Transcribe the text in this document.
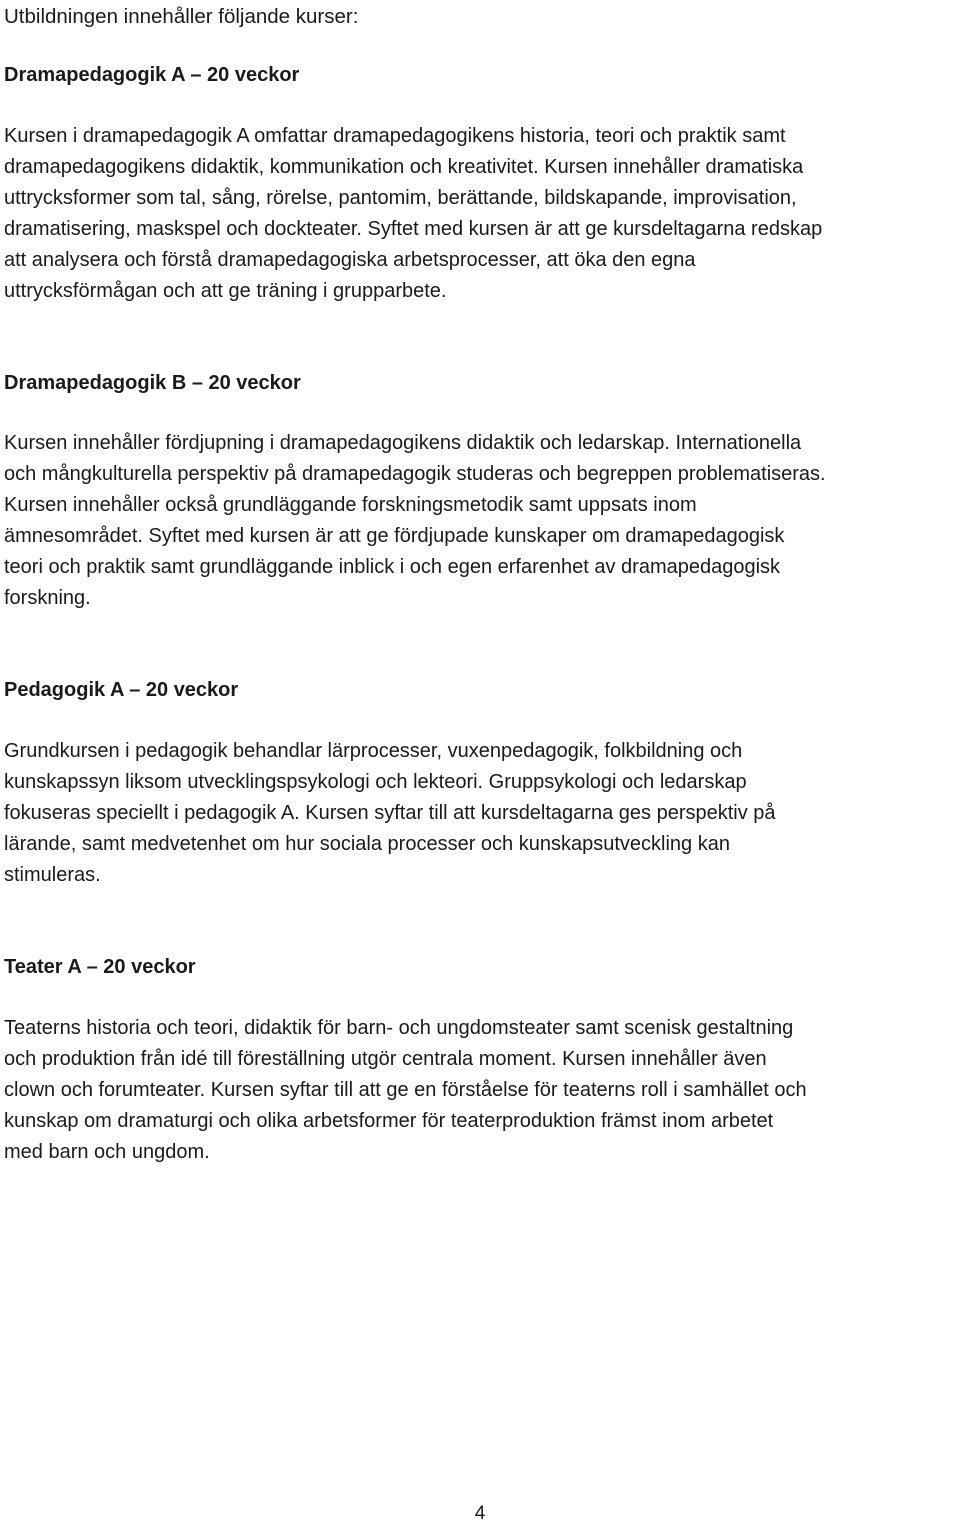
Utbildningen innehåller följande kurser:

Dramapedagogik A – 20 veckor
Kursen i dramapedagogik A omfattar dramapedagogikens historia, teori och praktik samt
dramapedagogikens didaktik, kommunikation och kreativitet. Kursen innehåller dramatiska
uttrycksformer som tal, sång, rörelse, pantomim, berättande, bildskapande, improvisation,
dramatisering, maskspel och dockteater. Syftet med kursen är att ge kursdeltagarna redskap
att analysera och förstå dramapedagogiska arbetsprocesser, att öka den egna
uttrycksförmågan och att ge träning i grupparbete.
Dramapedagogik B – 20 veckor
Kursen innehåller fördjupning i dramapedagogikens didaktik och ledarskap. Internationella
och mångkulturella perspektiv på dramapedagogik studeras och begreppen problematiseras.
Kursen innehåller också grundläggande forskningsmetodik samt uppsats inom
ämnesområdet. Syftet med kursen är att ge fördjupade kunskaper om dramapedagogisk
teori och praktik samt grundläggande inblick i och egen erfarenhet av dramapedagogisk
forskning.
Pedagogik A – 20 veckor
Grundkursen i pedagogik behandlar lärprocesser, vuxenpedagogik, folkbildning och
kunskapssyn liksom utvecklingspsykologi och lekteori. Gruppsykologi och ledarskap
fokuseras speciellt i pedagogik A. Kursen syftar till att kursdeltagarna ges perspektiv på
lärande, samt medvetenhet om hur sociala processer och kunskapsutveckling kan
stimuleras.
Teater A – 20 veckor
Teaterns historia och teori, didaktik för barn- och ungdomsteater samt scenisk gestaltning
och produktion från idé till föreställning utgör centrala moment. Kursen innehåller även
clown och forumteater. Kursen syftar till att ge en förståelse för teaterns roll i samhället och
kunskap om dramaturgi och olika arbetsformer för teaterproduktion främst inom arbetet
med barn och ungdom.

4
